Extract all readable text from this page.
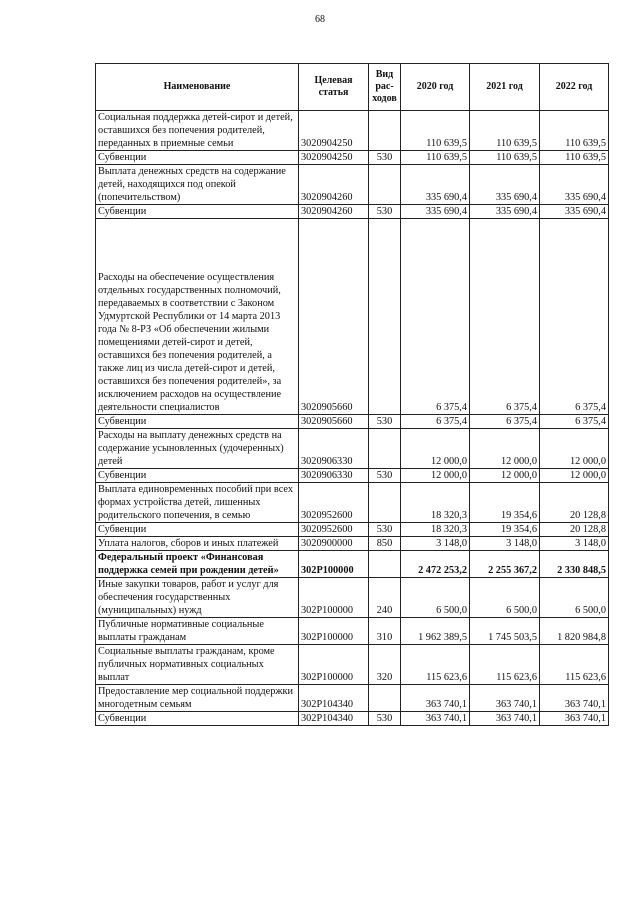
68
Наименование	Целевая статья	Вид рас-ходов	2020 год	2021 год	2022 год
Социальная поддержка детей-сирот и детей, оставшихся без попечения родителей, переданных в приемные семьи	3020904250		110 639,5	110 639,5	110 639,5
Субвенции	3020904250	530	110 639,5	110 639,5	110 639,5
Выплата денежных средств на содержание детей, находящихся под опекой (попечительством)	3020904260		335 690,4	335 690,4	335 690,4
Субвенции	3020904260	530	335 690,4	335 690,4	335 690,4
Расходы на обеспечение осуществления отдельных государственных полномочий, передаваемых в соответствии с Законом Удмуртской Республики от 14 марта 2013 года № 8-РЗ «Об обеспечении жилыми помещениями детей-сирот и детей, оставшихся без попечения родителей, а также лиц из числа детей-сирот и детей, оставшихся без попечения родителей», за исключением расходов на осуществление деятельности специалистов	3020905660		6 375,4	6 375,4	6 375,4
Субвенции	3020905660	530	6 375,4	6 375,4	6 375,4
Расходы на выплату денежных средств на содержание усыновленных (удочеренных) детей	3020906330		12 000,0	12 000,0	12 000,0
Субвенции	3020906330	530	12 000,0	12 000,0	12 000,0
Выплата единовременных пособий при всех формах устройства детей, лишенных родительского попечения, в семью	3020952600		18 320,3	19 354,6	20 128,8
Субвенции	3020952600	530	18 320,3	19 354,6	20 128,8
Уплата налогов, сборов и иных платежей	3020900000	850	3 148,0	3 148,0	3 148,0
Федеральный проект «Финансовая поддержка семей при рождении детей»	302P100000		2 472 253,2	2 255 367,2	2 330 848,5
Иные закупки товаров, работ и услуг для обеспечения государственных (муниципальных) нужд	302P100000	240	6 500,0	6 500,0	6 500,0
Публичные нормативные социальные выплаты гражданам	302P100000	310	1 962 389,5	1 745 503,5	1 820 984,8
Социальные выплаты гражданам, кроме публичных нормативных социальных выплат	302P100000	320	115 623,6	115 623,6	115 623,6
Предоставление мер социальной поддержки многодетным семьям	302P104340		363 740,1	363 740,1	363 740,1
Субвенции	302P104340	530	363 740,1	363 740,1	363 740,1
